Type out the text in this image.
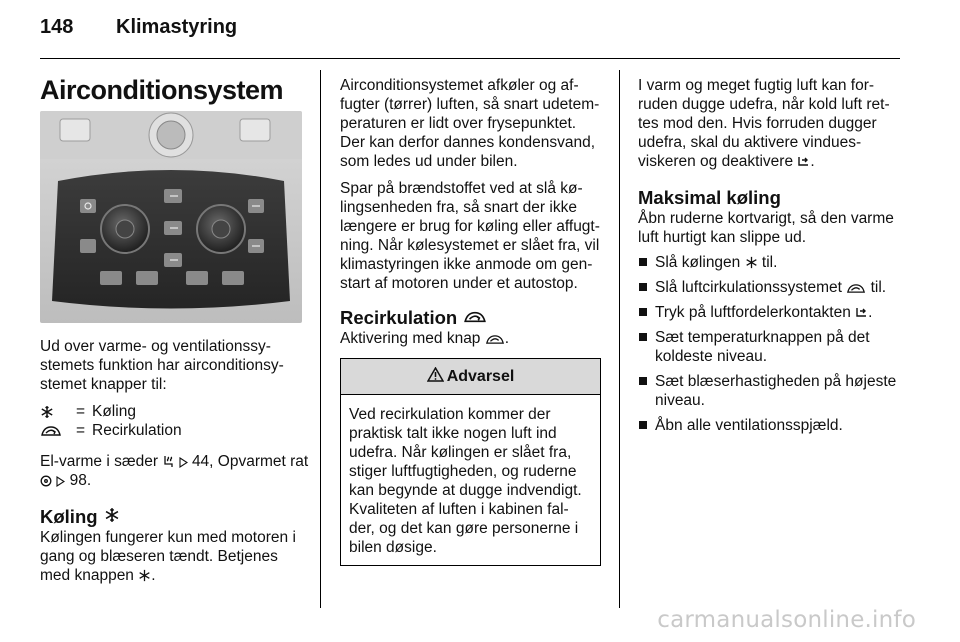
148 Klimastyring
Airconditionsystem

Ud over varme- og ventilationssy-stemets funktion har airconditionsy-stemet knapper til:

= Køling
= Recirkulation

El-varme i sæder 44, Opvarmet rat   98.

Køling

Kølingen fungerer kun med motoren i gang og blæseren tændt. Betjenes med knappen .

Airconditionsystemet afkøler og af-fugter (tørrer) luften, så snart udetem-peraturen er lidt over frysepunktet. Der kan derfor dannes kondensvand, som ledes ud under bilen.

Spar på brændstoffet ved at slå kø-lingsenheden fra, så snart der ikke længere er brug for køling eller affugt-ning. Når kølesystemet er slået fra, vil klimastyringen ikke anmode om gen-start af motoren under et autostop.

Recirkulation

Aktivering med knap .

Advarsel
Ved recirkulation kommer der praktisk talt ikke nogen luft ind udefra. Når kølingen er slået fra, stiger luftfugtigheden, og ruderne kan begynde at dugge indvendigt. Kvaliteten af luften i kabinen fal-der, og det kan gøre personerne i bilen døsige.

I varm og meget fugtig luft kan for-ruden dugge udefra, når kold luft ret-tes mod den. Hvis forruden dugger udefra, skal du aktivere vindues-viskeren og deaktivere .

Maksimal køling

Åbn ruderne kortvarigt, så den varme luft hurtigt kan slippe ud.

Slå kølingen til.
Slå luftcirkulationssystemet til.
Tryk på luftfordelerkontakten .
Sæt temperaturknappen på det koldeste niveau.
Sæt blæserhastigheden på højeste niveau.
Åbn alle ventilationsspjæld.
carmanualsonline.info
